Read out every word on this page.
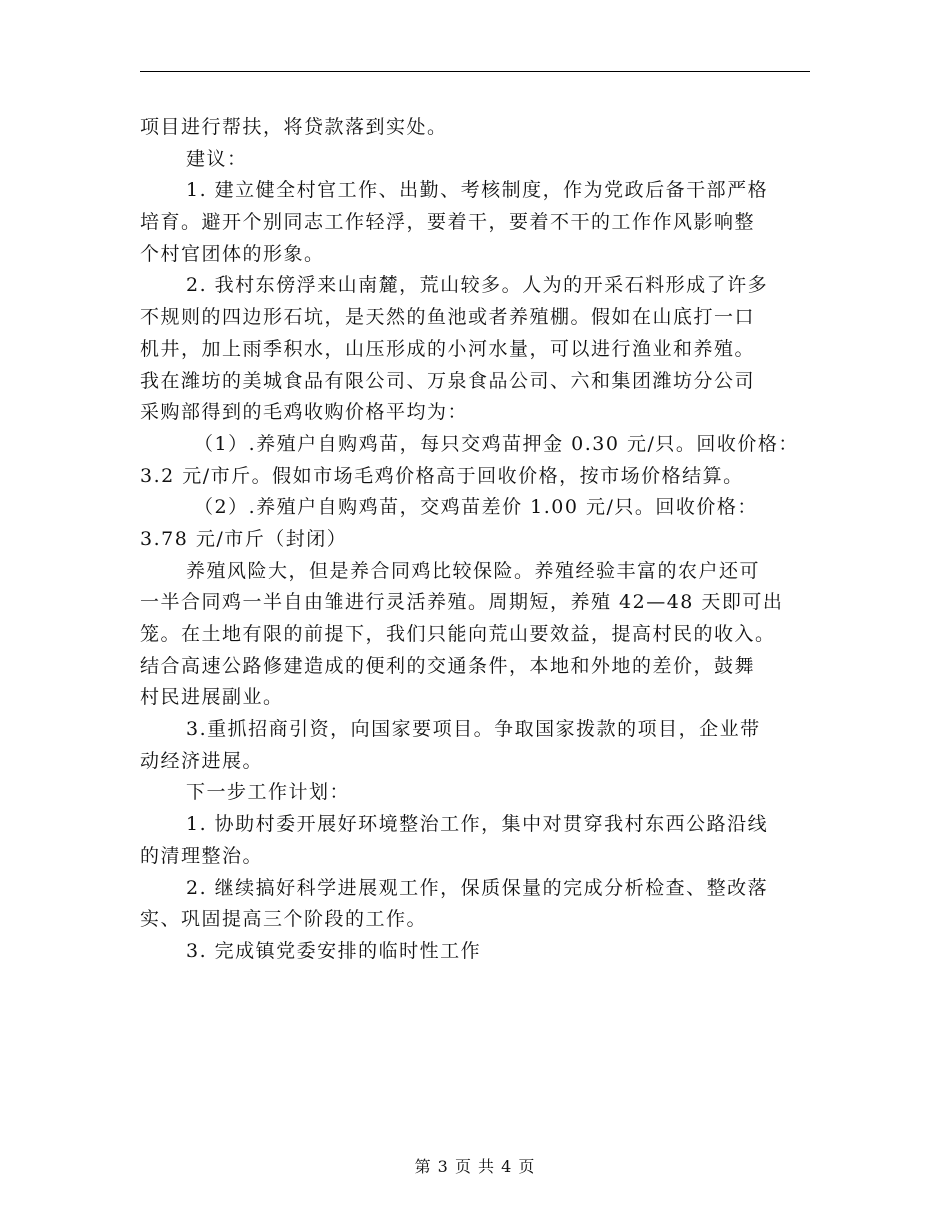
项目进行帮扶，将贷款落到实处。
建议：
1. 建立健全村官工作、出勤、考核制度，作为党政后备干部严格
培育。避开个别同志工作轻浮，要着干，要着不干的工作作风影响整
个村官团体的形象。
2. 我村东傍浮来山南麓，荒山较多。人为的开采石料形成了许多
不规则的四边形石坑，是天然的鱼池或者养殖棚。假如在山底打一口
机井，加上雨季积水，山压形成的小河水量，可以进行渔业和养殖。
我在潍坊的美城食品有限公司、万泉食品公司、六和集团潍坊分公司
采购部得到的毛鸡收购价格平均为：
（1）.养殖户自购鸡苗，每只交鸡苗押金 0.30 元/只。回收价格：
3.2 元/市斤。假如市场毛鸡价格高于回收价格，按市场价格结算。
（2）.养殖户自购鸡苗，交鸡苗差价 1.00 元/只。回收价格：
3.78 元/市斤（封闭）
养殖风险大，但是养合同鸡比较保险。养殖经验丰富的农户还可
一半合同鸡一半自由雏进行灵活养殖。周期短，养殖 42—48 天即可出
笼。在土地有限的前提下，我们只能向荒山要效益，提高村民的收入。
结合高速公路修建造成的便利的交通条件，本地和外地的差价，鼓舞
村民进展副业。
3.重抓招商引资，向国家要项目。争取国家拨款的项目，企业带
动经济进展。
下一步工作计划：
1. 协助村委开展好环境整治工作，集中对贯穿我村东西公路沿线
的清理整治。
2. 继续搞好科学进展观工作，保质保量的完成分析检查、整改落
实、巩固提高三个阶段的工作。
3. 完成镇党委安排的临时性工作
第 3 页 共 4 页
